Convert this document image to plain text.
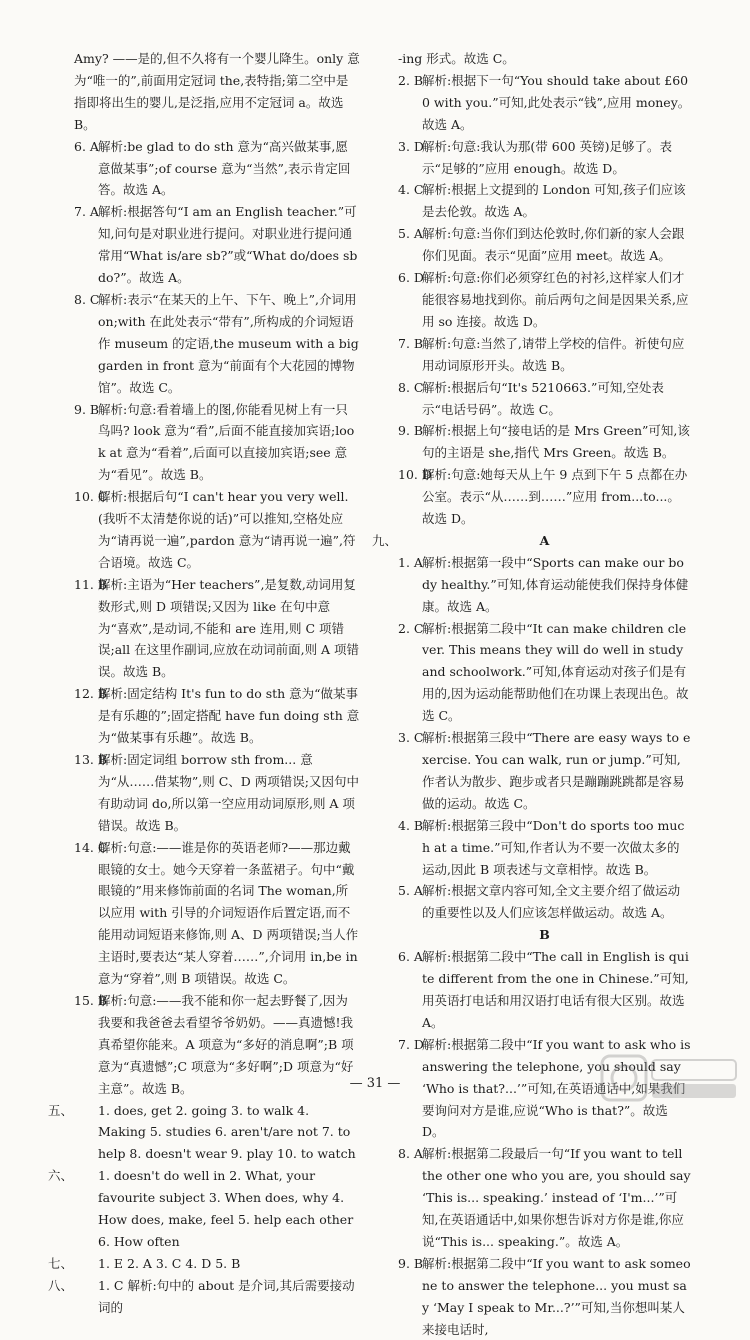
Amy? ——是的,但不久将有一个婴儿降生。only 意为“唯一的”,前面用定冠词 the,表特指;第二空中是指即将出生的婴儿,是泛指,应用不定冠词 a。故选 B。
6. A 解析:be glad to do sth 意为“高兴做某事,愿意做某事”;of course 意为“当然”,表示肯定回答。故选 A。
7. A 解析:根据答句“I am an English teacher.”可知,问句是对职业进行提问。对职业进行提问通常用“What is/are sb?”或“What do/does sb do?”。故选 A。
8. C
解析:表示“在某天的上午、下午、晚上”,介词用 on;with 在此处表示“带有”,所构成的介词短语作 museum 的定语,the museum with a big garden in front 意为“前面有个大花园的博物馆”。故选 C。
9. B
解析:句意:看着墙上的图,你能看见树上有一只鸟吗? look 意为“看”,后面不能直接加宾语;look at 意为“看着”,后面可以直接加宾语;see 意为“看见”。故选 B。
10. C
解析:根据后句“I can't hear you very well.(我听不太清楚你说的话)”可以推知,空格处应为“请再说一遍”,pardon 意为“请再说一遍”,符合语境。故选 C。
11. B
解析:主语为“Her teachers”,是复数,动词用复数形式,则 D 项错误;又因为 like 在句中意为“喜欢”,是动词,不能和 are 连用,则 C 项错误;all 在这里作副词,应放在动词前面,则 A 项错误。故选 B。
12. B
解析:固定结构 It's fun to do sth 意为“做某事是有乐趣的”;固定搭配 have fun doing sth 意为“做某事有乐趣”。故选 B。
13. B
解析:固定词组 borrow sth from... 意为“从……借某物”,则 C、D 两项错误;又因句中有助动词 do,所以第一空应用动词原形,则 A 项错误。故选 B。
14. C
解析:句意:——谁是你的英语老师?——那边戴眼镜的女士。她今天穿着一条蓝裙子。句中“戴眼镜的”用来修饰前面的名词 The woman,所以应用 with 引导的介词短语作后置定语,而不能用动词短语来修饰,则 A、D 两项错误;当人作主语时,要表达“某人穿着……”,介词用 in,be in 意为“穿着”,则 B 项错误。故选 C。
15. B
解析:句意:——我不能和你一起去野餐了,因为我要和我爸爸去看望爷爷奶奶。——真遗憾!我真希望你能来。A 项意为“多好的消息啊”;B 项意为“真遗憾”;C 项意为“多好啊”;D 项意为“好主意”。故选 B。
五、 1. does, get 2. going 3. to walk 4. Making 5. studies 6. aren't/are not 7. to help 8. doesn't wear 9. play 10. to watch
六、 1. doesn't do well in 2. What, your favourite subject 3. When does, why 4. How does, make, feel 5. help each other 6. How often
七、 1. E 2. A 3. C 4. D 5. B
八、 1. C 解析:句中的 about 是介词,其后需要接动词的
-ing 形式。故选 C。
2. B
解析:根据下一句“You should take about £600 with you.”可知,此处表示“钱”,应用 money。故选 A。
3. D
解析:句意:我认为那(带 600 英镑)足够了。表示“足够的”应用 enough。故选 D。
4. C
解析:根据上文提到的 London 可知,孩子们应该是去伦敦。故选 A。
5. A 解析:句意:当你们到达伦敦时,你们新的家人会跟你们见面。表示“见面”应用 meet。故选 A。
6. D
解析:句意:你们必须穿红色的衬衫,这样家人们才能很容易地找到你。前后两句之间是因果关系,应用 so 连接。故选 D。
7. B
解析:句意:当然了,请带上学校的信件。祈使句应用动词原形开头。故选 B。
8. C
解析:根据后句“It's 5210663.”可知,空处表示“电话号码”。故选 C。
9. B
解析:根据上句“接电话的是 Mrs Green”可知,该句的主语是 she,指代 Mrs Green。故选 B。
10. D
解析:句意:她每天从上午 9 点到下午 5 点都在办公室。表示“从……到……”应用 from...to...。故选 D。
九、	A

1. A 解析:根据第一段中“Sports can make our body healthy.”可知,体育运动能使我们保持身体健康。故选 A。
2. C
解析:根据第二段中“It can make children clever. This means they will do well in study and schoolwork.”可知,体育运动对孩子们是有用的,因为运动能帮助他们在功课上表现出色。故选 C。
3. C
解析:根据第三段中“There are easy ways to exercise. You can walk, run or jump.”可知,作者认为散步、跑步或者只是蹦蹦跳跳都是容易做的运动。故选 C。
4. B
解析:根据第三段中“Don't do sports too much at a time.”可知,作者认为不要一次做太多的运动,因此 B 项表述与文章相悖。故选 B。
5. A 解析:根据文章内容可知,全文主要介绍了做运动的重要性以及人们应该怎样做运动。故选 A。

B

6. A 解析:根据第二段中“The call in English is quite different from the one in Chinese.”可知,用英语打电话和用汉语打电话有很大区别。故选 A。
7. D
解析:根据第二段中“If you want to ask who is answering the telephone, you should say ‘Who is that?...’”可知,在英语通话中,如果我们要询问对方是谁,应说“Who is that?”。故选 D。
8. A 解析:根据第二段最后一句“If you want to tell the other one who you are, you should say ‘This is... speaking.’ instead of ‘I'm...’”可知,在英语通话中,如果你想告诉对方你是谁,你应说“This is... speaking.”。故选 A。
9. B
解析:根据第二段中“If you want to ask someone to answer the telephone... you must say ‘May I speak to Mr...?’”可知,当你想叫某人来接电话时,
— 31 —
